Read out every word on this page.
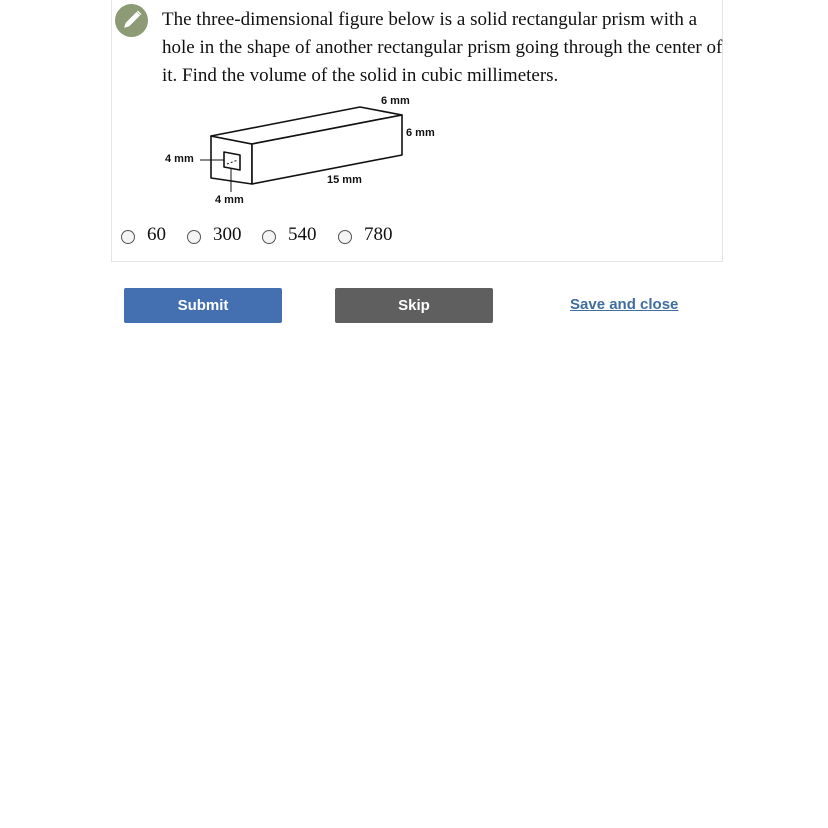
The three-dimensional figure below is a solid rectangular prism with a hole in the shape of another rectangular prism going through the center of it. Find the volume of the solid in cubic millimeters.
6 mm
6 mm
15 mm
4 mm
4 mm
60 300 540	780
Submit	Skip	Save and close
